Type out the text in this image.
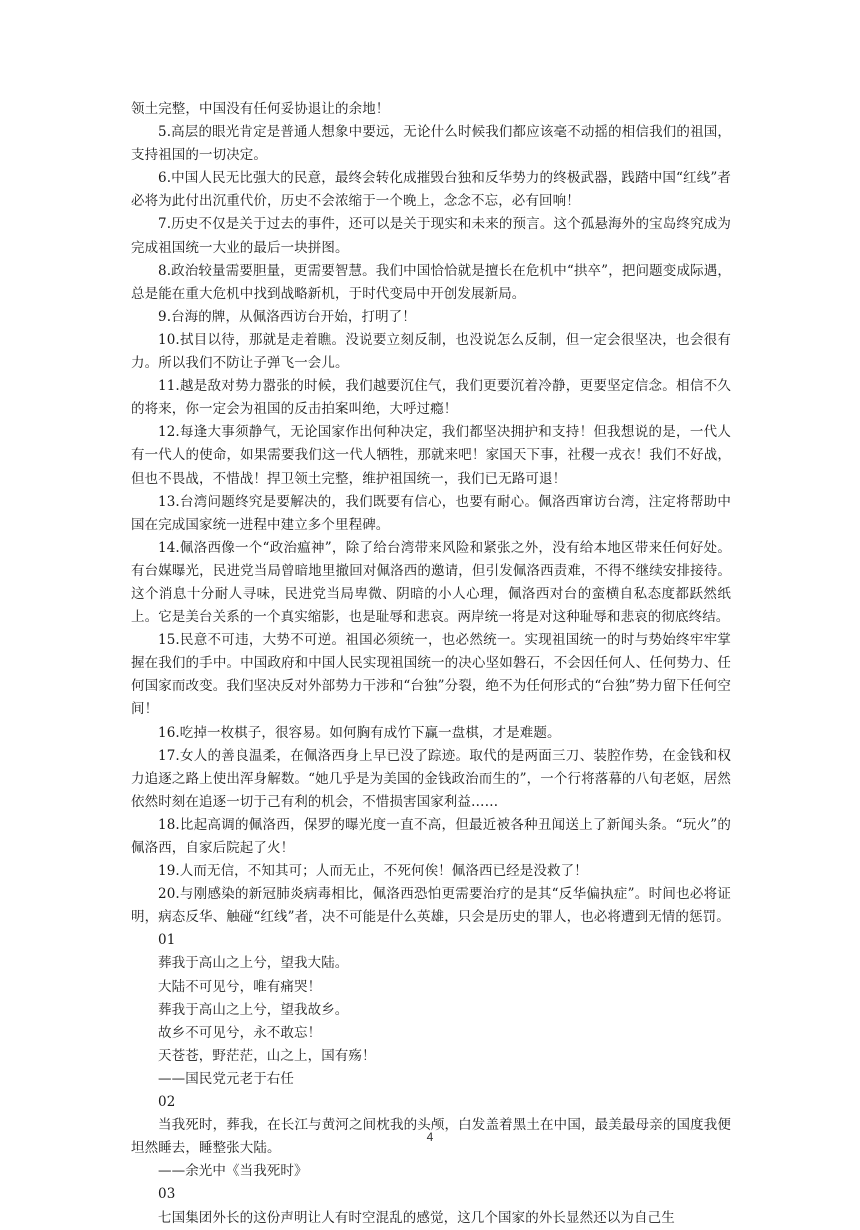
领土完整，中国没有任何妥协退让的余地！

5.高层的眼光肯定是普通人想象中要远，无论什么时候我们都应该毫不动摇的相信我们的祖国，支持祖国的一切决定。

6.中国人民无比强大的民意，最终会转化成摧毁台独和反华势力的终极武器，践踏中国“红线”者必将为此付出沉重代价，历史不会浓缩于一个晚上，念念不忘，必有回响！

7.历史不仅是关于过去的事件，还可以是关于现实和未来的预言。这个孤悬海外的宝岛终究成为完成祖国统一大业的最后一块拼图。

8.政治较量需要胆量，更需要智慧。我们中国恰恰就是擅长在危机中“拱卒”，把问题变成际遇，总是能在重大危机中找到战略新机，于时代变局中开创发展新局。

9.台海的牌，从佩洛西访台开始，打明了！

10.拭目以待，那就是走着瞧。没说要立刻反制，也没说怎么反制，但一定会很坚决，也会很有力。所以我们不防让子弹飞一会儿。

11.越是敌对势力嚣张的时候，我们越要沉住气，我们更要沉着冷静，更要坚定信念。相信不久的将来，你一定会为祖国的反击拍案叫绝，大呼过瘾！

12.每逢大事须静气，无论国家作出何种决定，我们都坚决拥护和支持！但我想说的是，一代人有一代人的使命，如果需要我们这一代人牺牲，那就来吧！家国天下事，社稷一戎衣！我们不好战，但也不畏战，不惜战！捍卫领土完整，维护祖国统一，我们已无路可退！

13.台湾问题终究是要解决的，我们既要有信心，也要有耐心。佩洛西窜访台湾，注定将帮助中国在完成国家统一进程中建立多个里程碑。

14.佩洛西像一个“政治瘟神”，除了给台湾带来风险和紧张之外，没有给本地区带来任何好处。有台媒曝光，民进党当局曾暗地里撤回对佩洛西的邀请，但引发佩洛西责难，不得不继续安排接待。这个消息十分耐人寻味，民进党当局卑微、阴暗的小人心理，佩洛西对台的蛮横自私态度都跃然纸上。它是美台关系的一个真实缩影，也是耻辱和悲哀。两岸统一将是对这种耻辱和悲哀的彻底终结。

15.民意不可违，大势不可逆。祖国必须统一，也必然统一。实现祖国统一的时与势始终牢牢掌握在我们的手中。中国政府和中国人民实现祖国统一的决心坚如磐石，不会因任何人、任何势力、任何国家而改变。我们坚决反对外部势力干涉和“台独”分裂，绝不为任何形式的“台独”势力留下任何空间！

16.吃掉一枚棋子，很容易。如何胸有成竹下赢一盘棋，才是难题。

17.女人的善良温柔，在佩洛西身上早已没了踪迹。取代的是两面三刀、装腔作势，在金钱和权力追逐之路上使出浑身解数。“她几乎是为美国的金钱政治而生的”，一个行将落幕的八旬老妪，居然依然时刻在追逐一切于己有利的机会，不惜损害国家利益……

18.比起高调的佩洛西，保罗的曝光度一直不高，但最近被各种丑闻送上了新闻头条。“玩火”的佩洛西，自家后院起了火！

19.人而无信，不知其可；人而无止，不死何俟！佩洛西已经是没救了！

20.与刚感染的新冠肺炎病毒相比，佩洛西恐怕更需要治疗的是其“反华偏执症”。时间也必将证明，病态反华、触碰“红线”者，决不可能是什么英雄，只会是历史的罪人，也必将遭到无情的惩罚。

01

葬我于高山之上兮，望我大陆。

大陆不可见兮，唯有痛哭！

葬我于高山之上兮，望我故乡。

故乡不可见兮，永不敢忘！

天苍苍，野茫茫，山之上，国有殇！

——国民党元老于右任

02

当我死时，葬我，在长江与黄河之间枕我的头颅，白发盖着黑土在中国，最美最母亲的国度我便坦然睡去，睡整张大陆。

——余光中《当我死时》

03

七国集团外长的这份声明让人有时空混乱的感觉，这几个国家的外长显然还以为自己生

4
